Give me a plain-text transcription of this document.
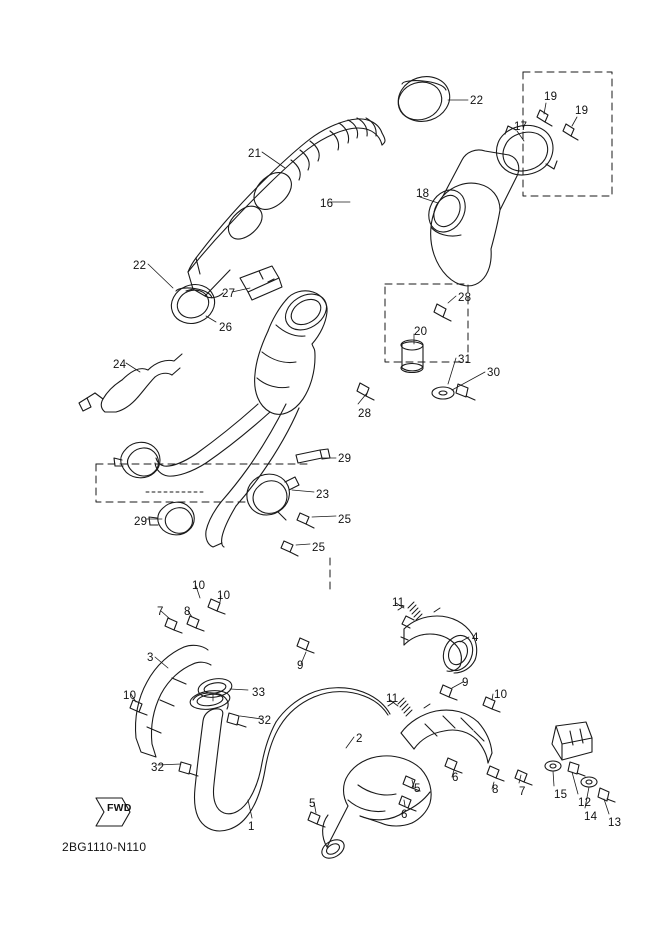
FWD
2BG1110-N110
22	19
19
17
21
16
18
22
27
26
28
20
31
30
24
28
29
23
25
29
25
10
10
11
7 8
4
9
3
10	11
33
9
32
10
2
32
6
8	15
12
14 13
5
5	7
6
1
